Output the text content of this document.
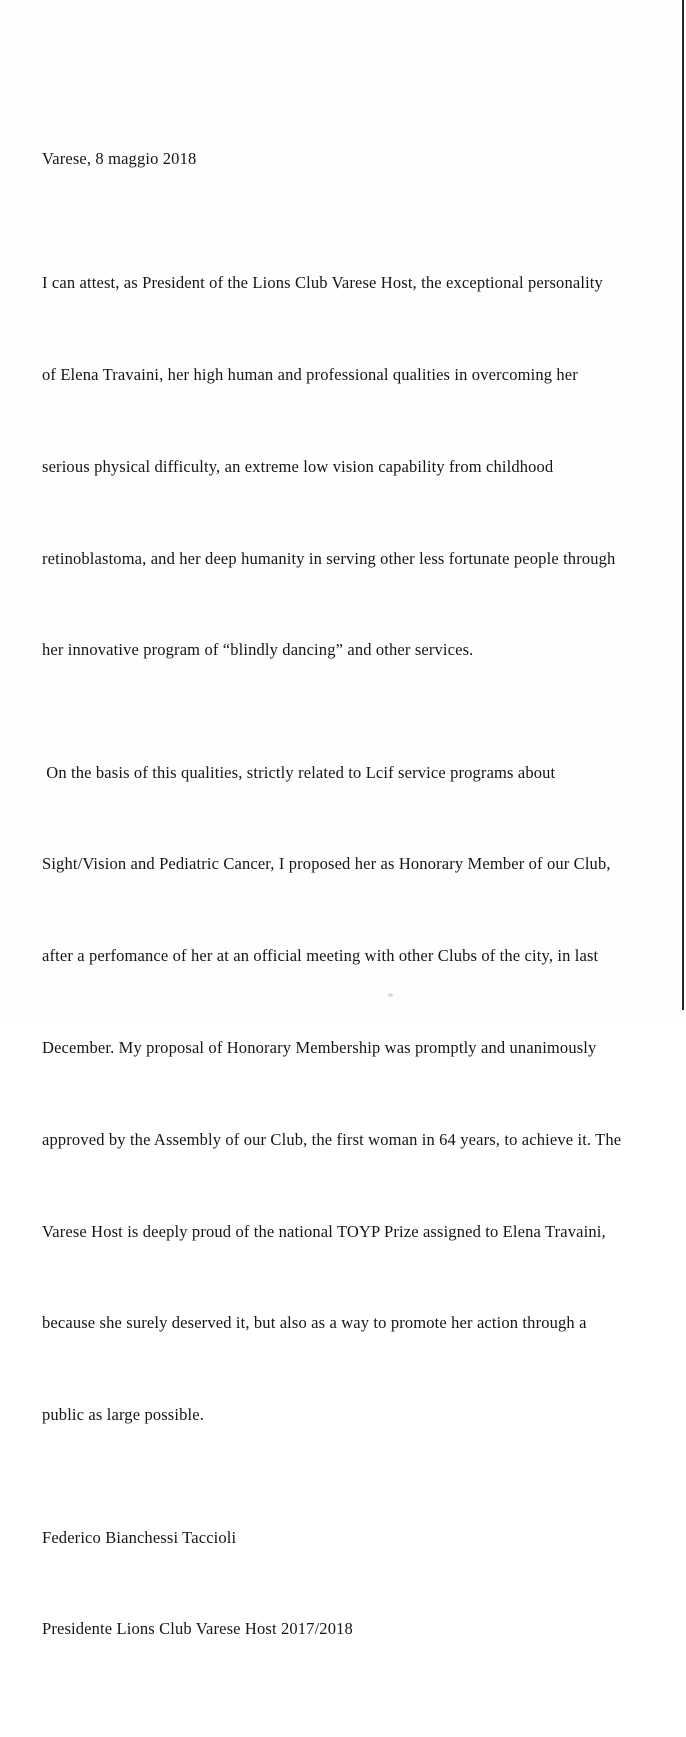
Varese, 8 maggio 2018

I can attest, as President of the Lions Club Varese Host, the exceptional personality

of Elena Travaini, her high human and professional qualities in overcoming her

serious physical difficulty, an extreme low vision capability from childhood

retinoblastoma, and her deep humanity in serving other less fortunate people through

her innovative program of “blindly dancing” and other services.

On the basis of this qualities, strictly related to Lcif service programs about

Sight/Vision and Pediatric Cancer, I proposed her as Honorary Member of our Club,

after a perfomance of her at an official meeting with other Clubs of the city, in last

December. My proposal of Honorary Membership was promptly and unanimously

approved by the Assembly of our Club, the first woman in 64 years, to achieve it. The

Varese Host is deeply proud of the national TOYP Prize assigned to Elena Travaini,

because she surely deserved it, but also as a way to promote her action through a

public as large possible.

Federico Bianchessi Taccioli

Presidente Lions Club Varese Host 2017/2018
